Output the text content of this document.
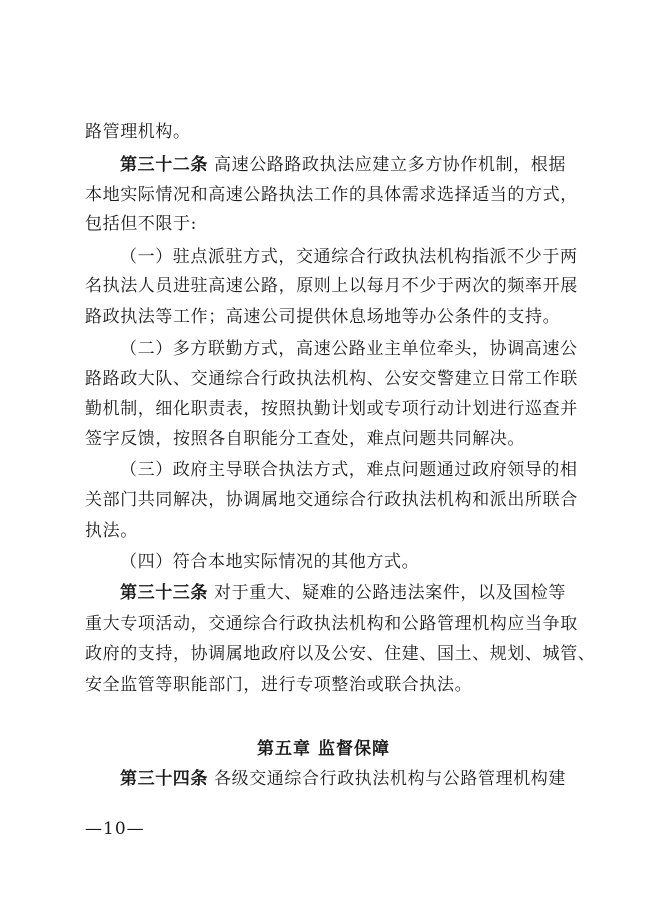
路管理机构。
第三十二条 高速公路路政执法应建立多方协作机制，根据
本地实际情况和高速公路执法工作的具体需求选择适当的方式，
包括但不限于:
（一）驻点派驻方式，交通综合行政执法机构指派不少于两
名执法人员进驻高速公路，原则上以每月不少于两次的频率开展
路政执法等工作；高速公司提供休息场地等办公条件的支持。
（二）多方联勤方式，高速公路业主单位牵头，协调高速公
路路政大队、交通综合行政执法机构、公安交警建立日常工作联
勤机制，细化职责表，按照执勤计划或专项行动计划进行巡查并
签字反馈，按照各自职能分工查处，难点问题共同解决。
（三）政府主导联合执法方式，难点问题通过政府领导的相
关部门共同解决，协调属地交通综合行政执法机构和派出所联合
执法。
（四）符合本地实际情况的其他方式。
第三十三条 对于重大、疑难的公路违法案件，以及国检等
重大专项活动，交通综合行政执法机构和公路管理机构应当争取
政府的支持，协调属地政府以及公安、住建、国土、规划、城管、
安全监管等职能部门，进行专项整治或联合执法。
第五章 监督保障
第三十四条 各级交通综合行政执法机构与公路管理机构建
—10—
